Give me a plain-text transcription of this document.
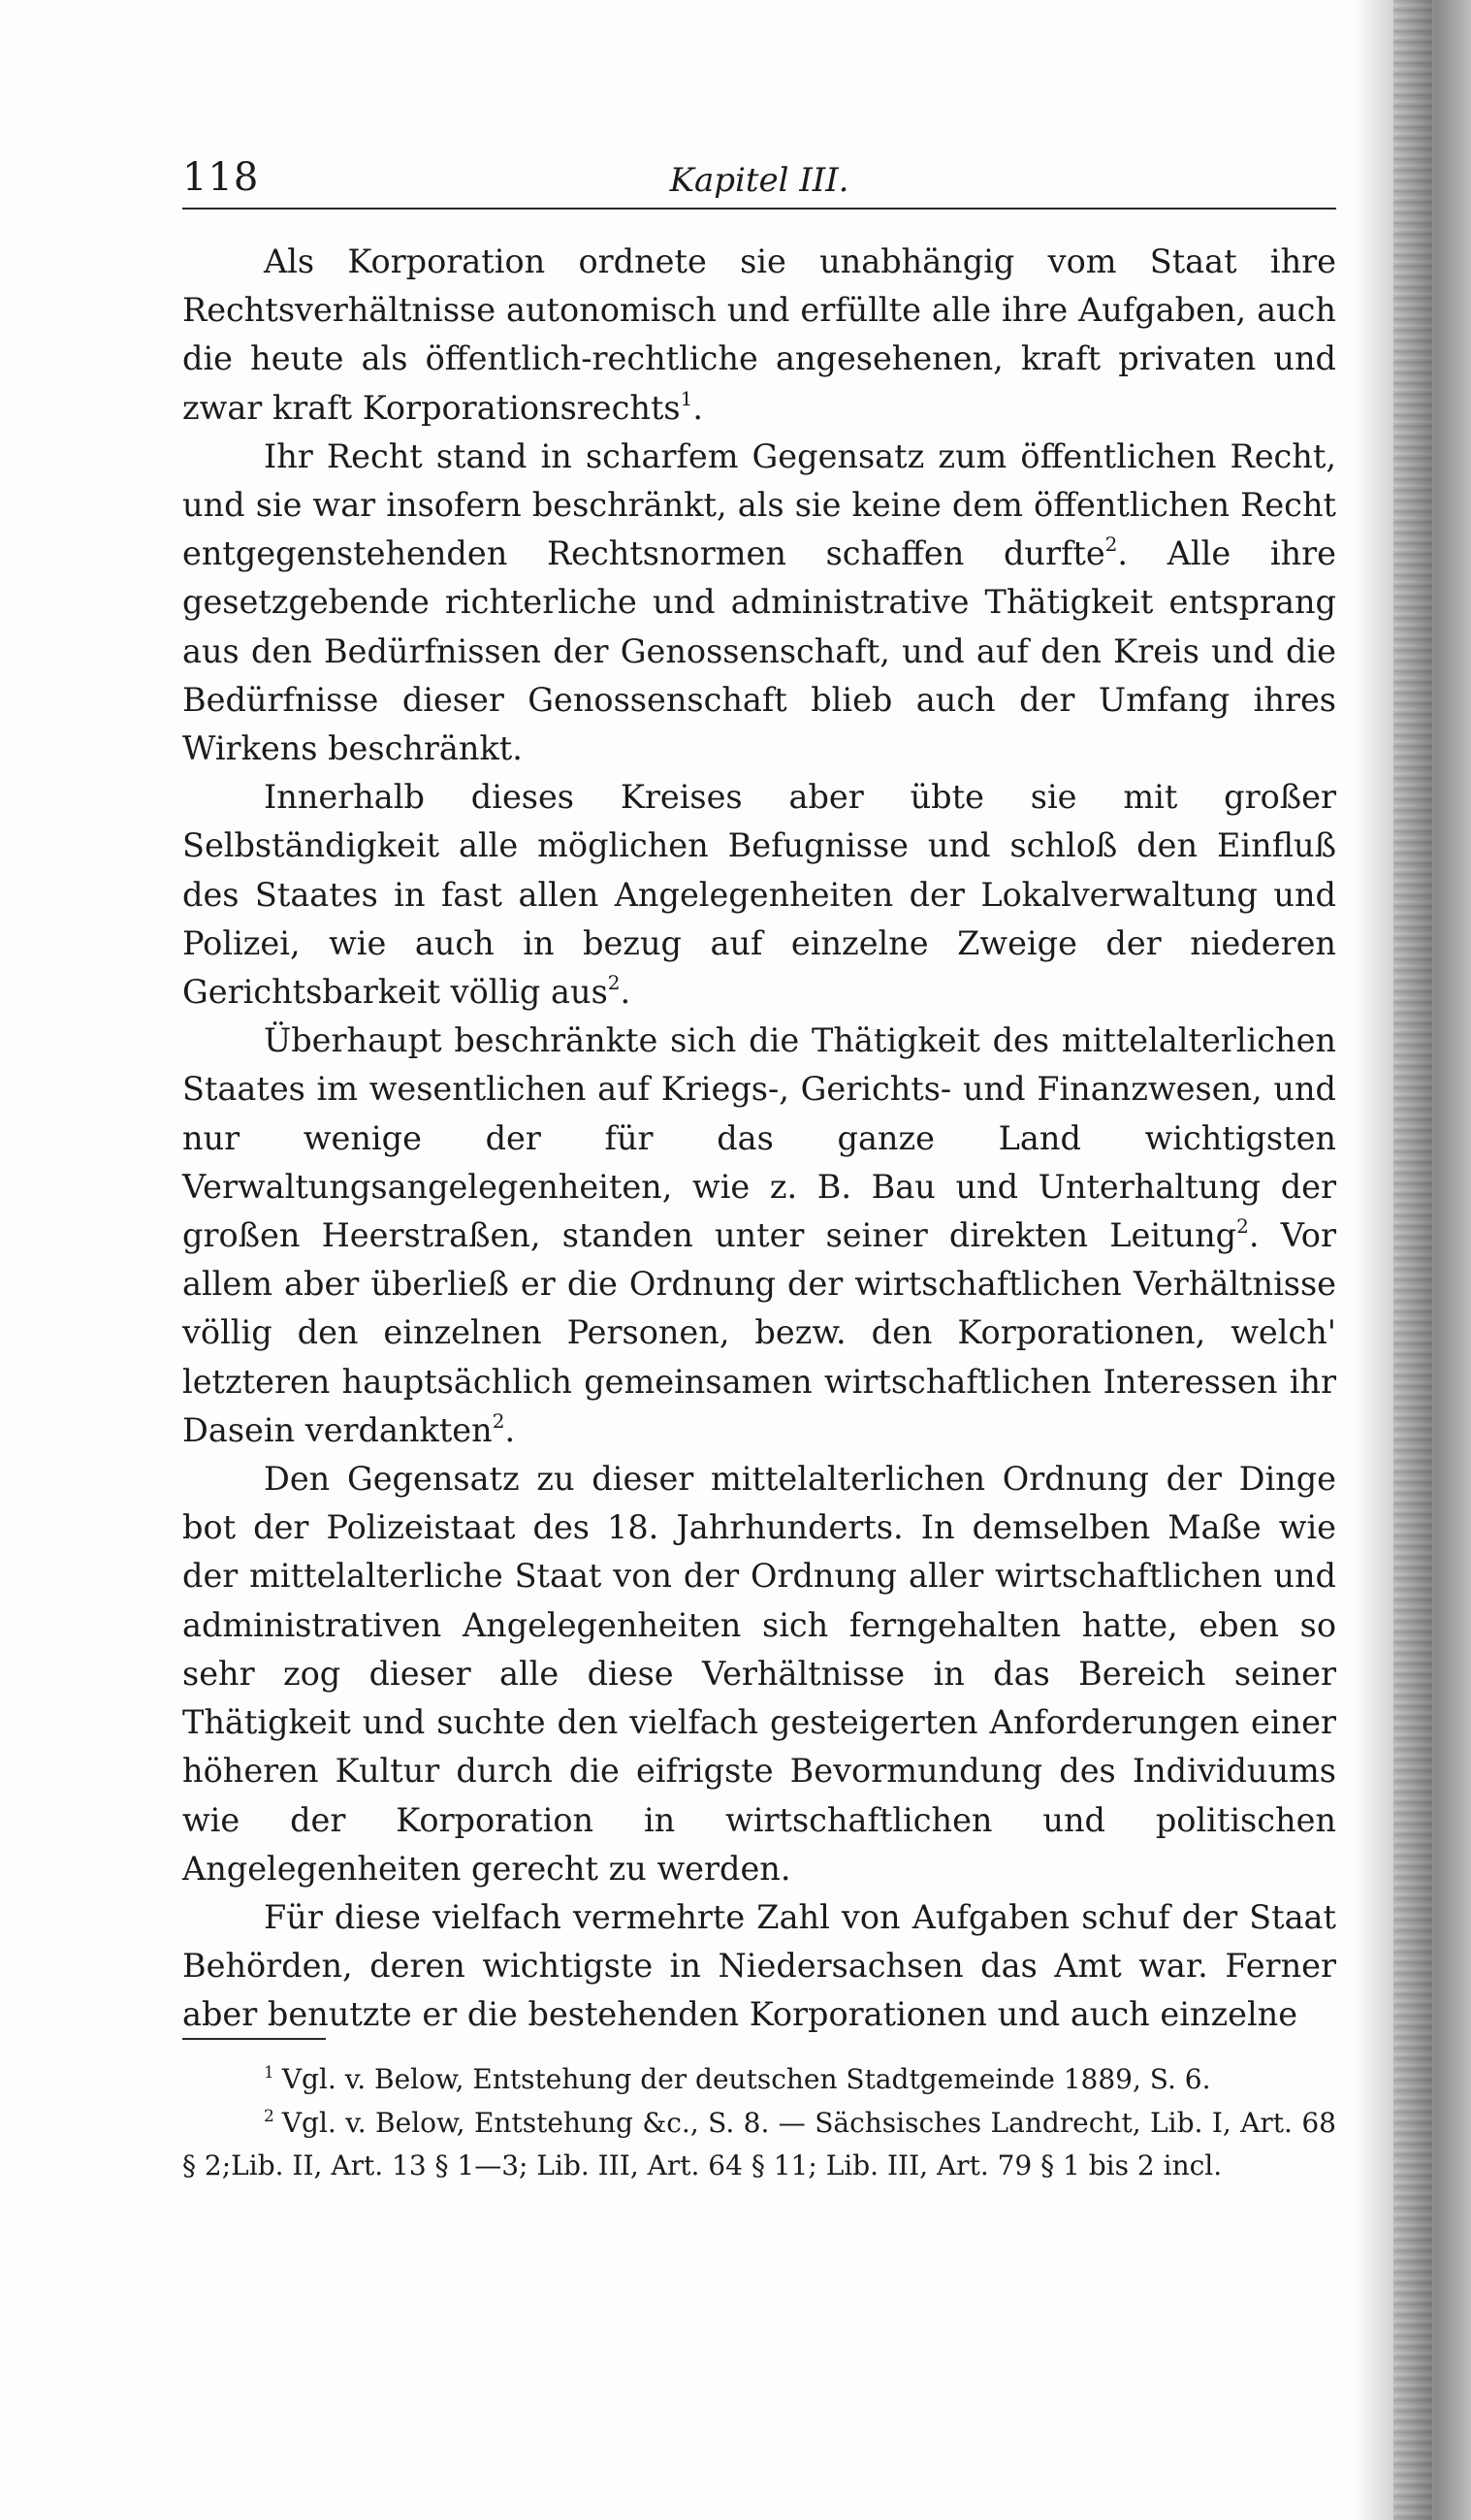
118	Kapitel III.

Als Korporation ordnete sie unabhängig vom Staat ihre Rechtsverhältnisse autonomisch und erfüllte alle ihre Aufgaben, auch die heute als öffentlich-rechtliche angesehenen, kraft privaten und zwar kraft Korporationsrechts$^1$.

Ihr Recht stand in scharfem Gegensatz zum öffentlichen Recht, und sie war insofern beschränkt, als sie keine dem öffentlichen Recht entgegenstehenden Rechtsnormen schaffen durfte$^2$. Alle ihre gesetzgebende richterliche und administrative Thätigkeit entsprang aus den Bedürfnissen der Genossenschaft, und auf den Kreis und die Bedürfnisse dieser Genossenschaft blieb auch der Umfang ihres Wirkens beschränkt.

Innerhalb dieses Kreises aber übte sie mit großer Selbständigkeit alle möglichen Befugnisse und schloß den Einfluß des Staates in fast allen Angelegenheiten der Lokalverwaltung und Polizei, wie auch in bezug auf einzelne Zweige der niederen Gerichtsbarkeit völlig aus$^2$.

Überhaupt beschränkte sich die Thätigkeit des mittelalterlichen Staates im wesentlichen auf Kriegs-, Gerichts- und Finanzwesen, und nur wenige der für das ganze Land wichtigsten Verwaltungsangelegenheiten, wie z. B. Bau und Unterhaltung der großen Heerstraßen, standen unter seiner direkten Leitung$^2$. Vor allem aber überließ er die Ordnung der wirtschaftlichen Verhältnisse völlig den einzelnen Personen, bezw. den Korporationen, welch' letzteren hauptsächlich gemeinsamen wirtschaftlichen Interessen ihr Dasein verdankten$^2$.

Den Gegensatz zu dieser mittelalterlichen Ordnung der Dinge bot der Polizeistaat des 18. Jahrhunderts. In demselben Maße wie der mittelalterliche Staat von der Ordnung aller wirtschaftlichen und administrativen Angelegenheiten sich ferngehalten hatte, eben so sehr zog dieser alle diese Verhältnisse in das Bereich seiner Thätigkeit und suchte den vielfach gesteigerten Anforderungen einer höheren Kultur durch die eifrigste Bevormundung des Individuums wie der Korporation in wirtschaftlichen und politischen Angelegenheiten gerecht zu werden.

Für diese vielfach vermehrte Zahl von Aufgaben schuf der Staat Behörden, deren wichtigste in Niedersachsen das Amt war. Ferner aber benutzte er die bestehenden Korporationen und auch einzelne

$^1$ Vgl. v. Below, Entstehung der deutschen Stadtgemeinde 1889, S. 6.

$^2$ Vgl. v. Below, Entstehung &c., S. 8. — Sächsisches Landrecht, Lib. I, Art. 68 § 2;Lib. II, Art. 13 § 1—3; Lib. III, Art. 64 § 11; Lib. III, Art. 79 § 1 bis 2 incl.
